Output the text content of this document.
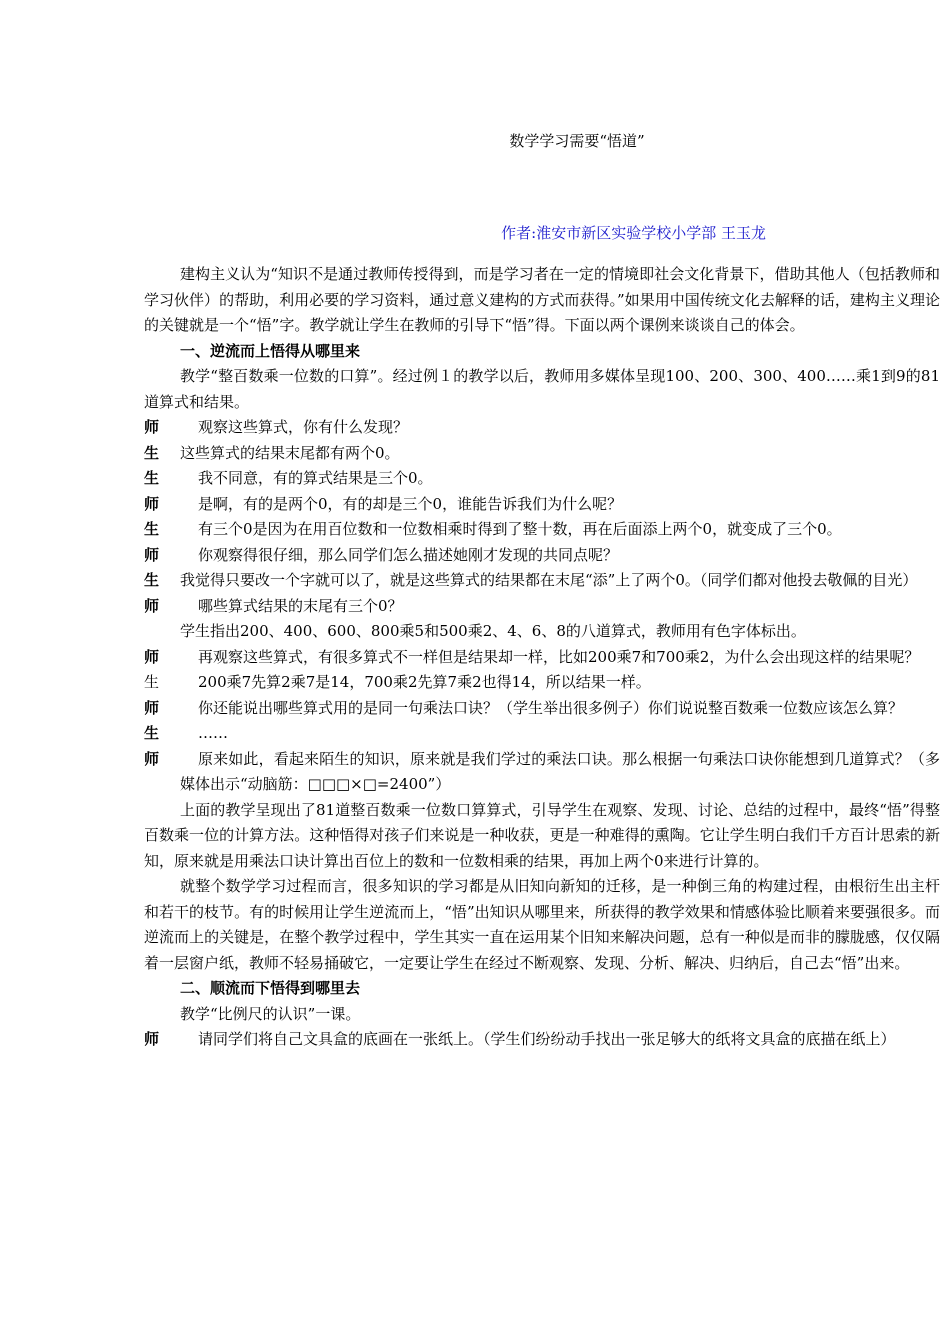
数学学习需要“悟道”
作者:淮安市新区实验学校小学部 王玉龙

建构主义认为“知识不是通过教师传授得到，而是学习者在一定的情境即社会文化背景下，借助其他人（包括教师和学习伙伴）的帮助，利用必要的学习资料，通过意义建构的方式而获得。”如果用中国传统文化去解释的话，建构主义理论的关键就是一个“悟”字。教学就让学生在教师的引导下“悟”得。下面以两个课例来谈谈自己的体会。

一、逆流而上悟得从哪里来

教学“整百数乘一位数的口算”。经过例１的教学以后，教师用多媒体呈现100、200、300、400……乘1到9的81道算式和结果。

师	观察这些算式，你有什么发现？
生	这些算式的结果末尾都有两个0。
生	我不同意，有的算式结果是三个0。
师	是啊，有的是两个0，有的却是三个0，谁能告诉我们为什么呢？
生	有三个0是因为在用百位数和一位数相乘时得到了整十数，再在后面添上两个0，就变成了三个0。
师	你观察得很仔细，那么同学们怎么描述她刚才发现的共同点呢？
生	我觉得只要改一个字就可以了，就是这些算式的结果都在末尾“添”上了两个0。（同学们都对他投去敬佩的目光）
师	哪些算式结果的末尾有三个0？
学生指出200、400、600、800乘5和500乘2、4、6、8的八道算式，教师用有色字体标出。
师	再观察这些算式，有很多算式不一样但是结果却一样，比如200乘7和700乘2，为什么会出现这样的结果呢？
生	200乘7先算2乘7是14，700乘2先算7乘2也得14，所以结果一样。
师	你还能说出哪些算式用的是同一句乘法口诀？（学生举出很多例子）你们说说整百数乘一位数应该怎么算？
生	……
师	原来如此，看起来陌生的知识，原来就是我们学过的乘法口诀。那么根据一句乘法口诀你能想到几道算式？（多媒体出示“动脑筋：□□□×□=2400”）

上面的教学呈现出了81道整百数乘一位数口算算式，引导学生在观察、发现、讨论、总结的过程中，最终“悟”得整百数乘一位的计算方法。这种悟得对孩子们来说是一种收获，更是一种难得的熏陶。它让学生明白我们千方百计思索的新知，原来就是用乘法口诀计算出百位上的数和一位数相乘的结果，再加上两个0来进行计算的。

就整个数学学习过程而言，很多知识的学习都是从旧知向新知的迁移，是一种倒三角的构建过程，由根衍生出主杆和若干的枝节。有的时候用让学生逆流而上，“悟”出知识从哪里来，所获得的教学效果和情感体验比顺着来要强很多。而逆流而上的关键是，在整个教学过程中，学生其实一直在运用某个旧知来解决问题，总有一种似是而非的朦胧感，仅仅隔着一层窗户纸，教师不轻易捅破它，一定要让学生在经过不断观察、发现、分析、解决、归纳后，自己去“悟”出来。

二、顺流而下悟得到哪里去

教学“比例尺的认识”一课。

师	请同学们将自己文具盒的底画在一张纸上。（学生们纷纷动手找出一张足够大的纸将文具盒的底描在纸上）
